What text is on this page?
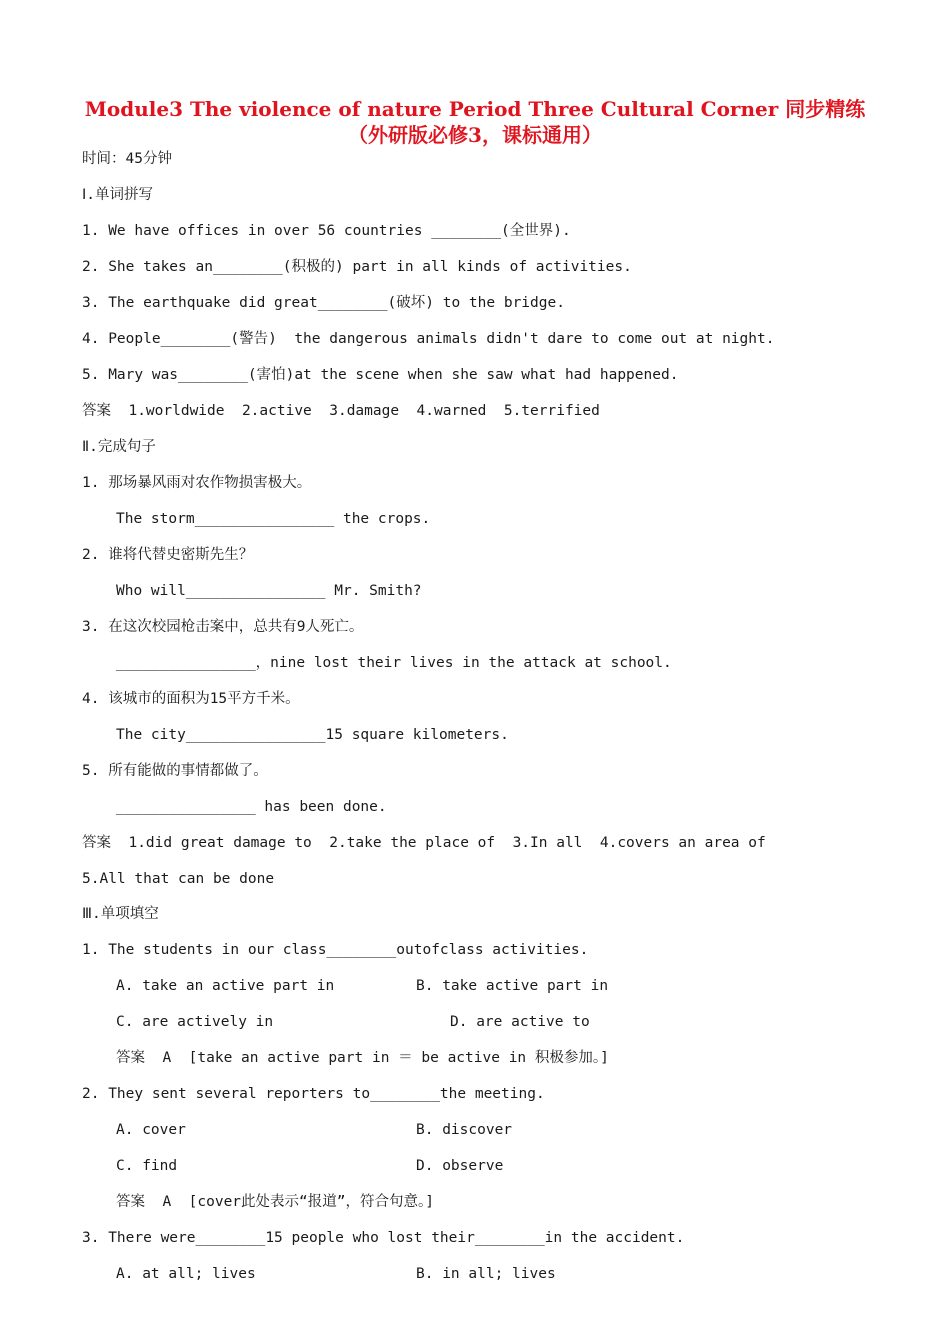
Module3 The violence of nature Period Three Cultural Corner 同步精练
（外研版必修3，课标通用）
时间：45分钟
Ⅰ.单词拼写
1. We have offices in over 56 countries ________(全世界).
2. She takes an________(积极的) part in all kinds of activities.
3. The earthquake did great________(破坏) to the bridge.
4. People________(警告)  the dangerous animals didn't dare to come out at night.
5. Mary was________(害怕)at the scene when she saw what had happened.
答案  1.worldwide  2.active  3.damage  4.warned  5.terrified
Ⅱ.完成句子
1. 那场暴风雨对农作物损害极大。
The storm________________ the crops.
2. 谁将代替史密斯先生？
Who will________________ Mr. Smith?
3. 在这次校园枪击案中，总共有9人死亡。
________________，nine lost their lives in the attack at school.
4. 该城市的面积为15平方千米。
The city________________15 square kilometers.
5. 所有能做的事情都做了。
________________ has been done.
答案  1.did great damage to  2.take the place of  3.In all  4.covers an area of
5.All that can be done
Ⅲ.单项填空
1. The students in our class________outofclass activities.
A. take an active part in	B. take active part in
C. are actively in	D. are active to
答案  A  [take an active part in ＝ be active in 积极参加。]
2. They sent several reporters to________the meeting.
A. cover	B. discover
C. find	D. observe
答案  A  [cover此处表示“报道”，符合句意。]
3. There were________15 people who lost their________in the accident.
A. at all; lives	B. in all; lives
